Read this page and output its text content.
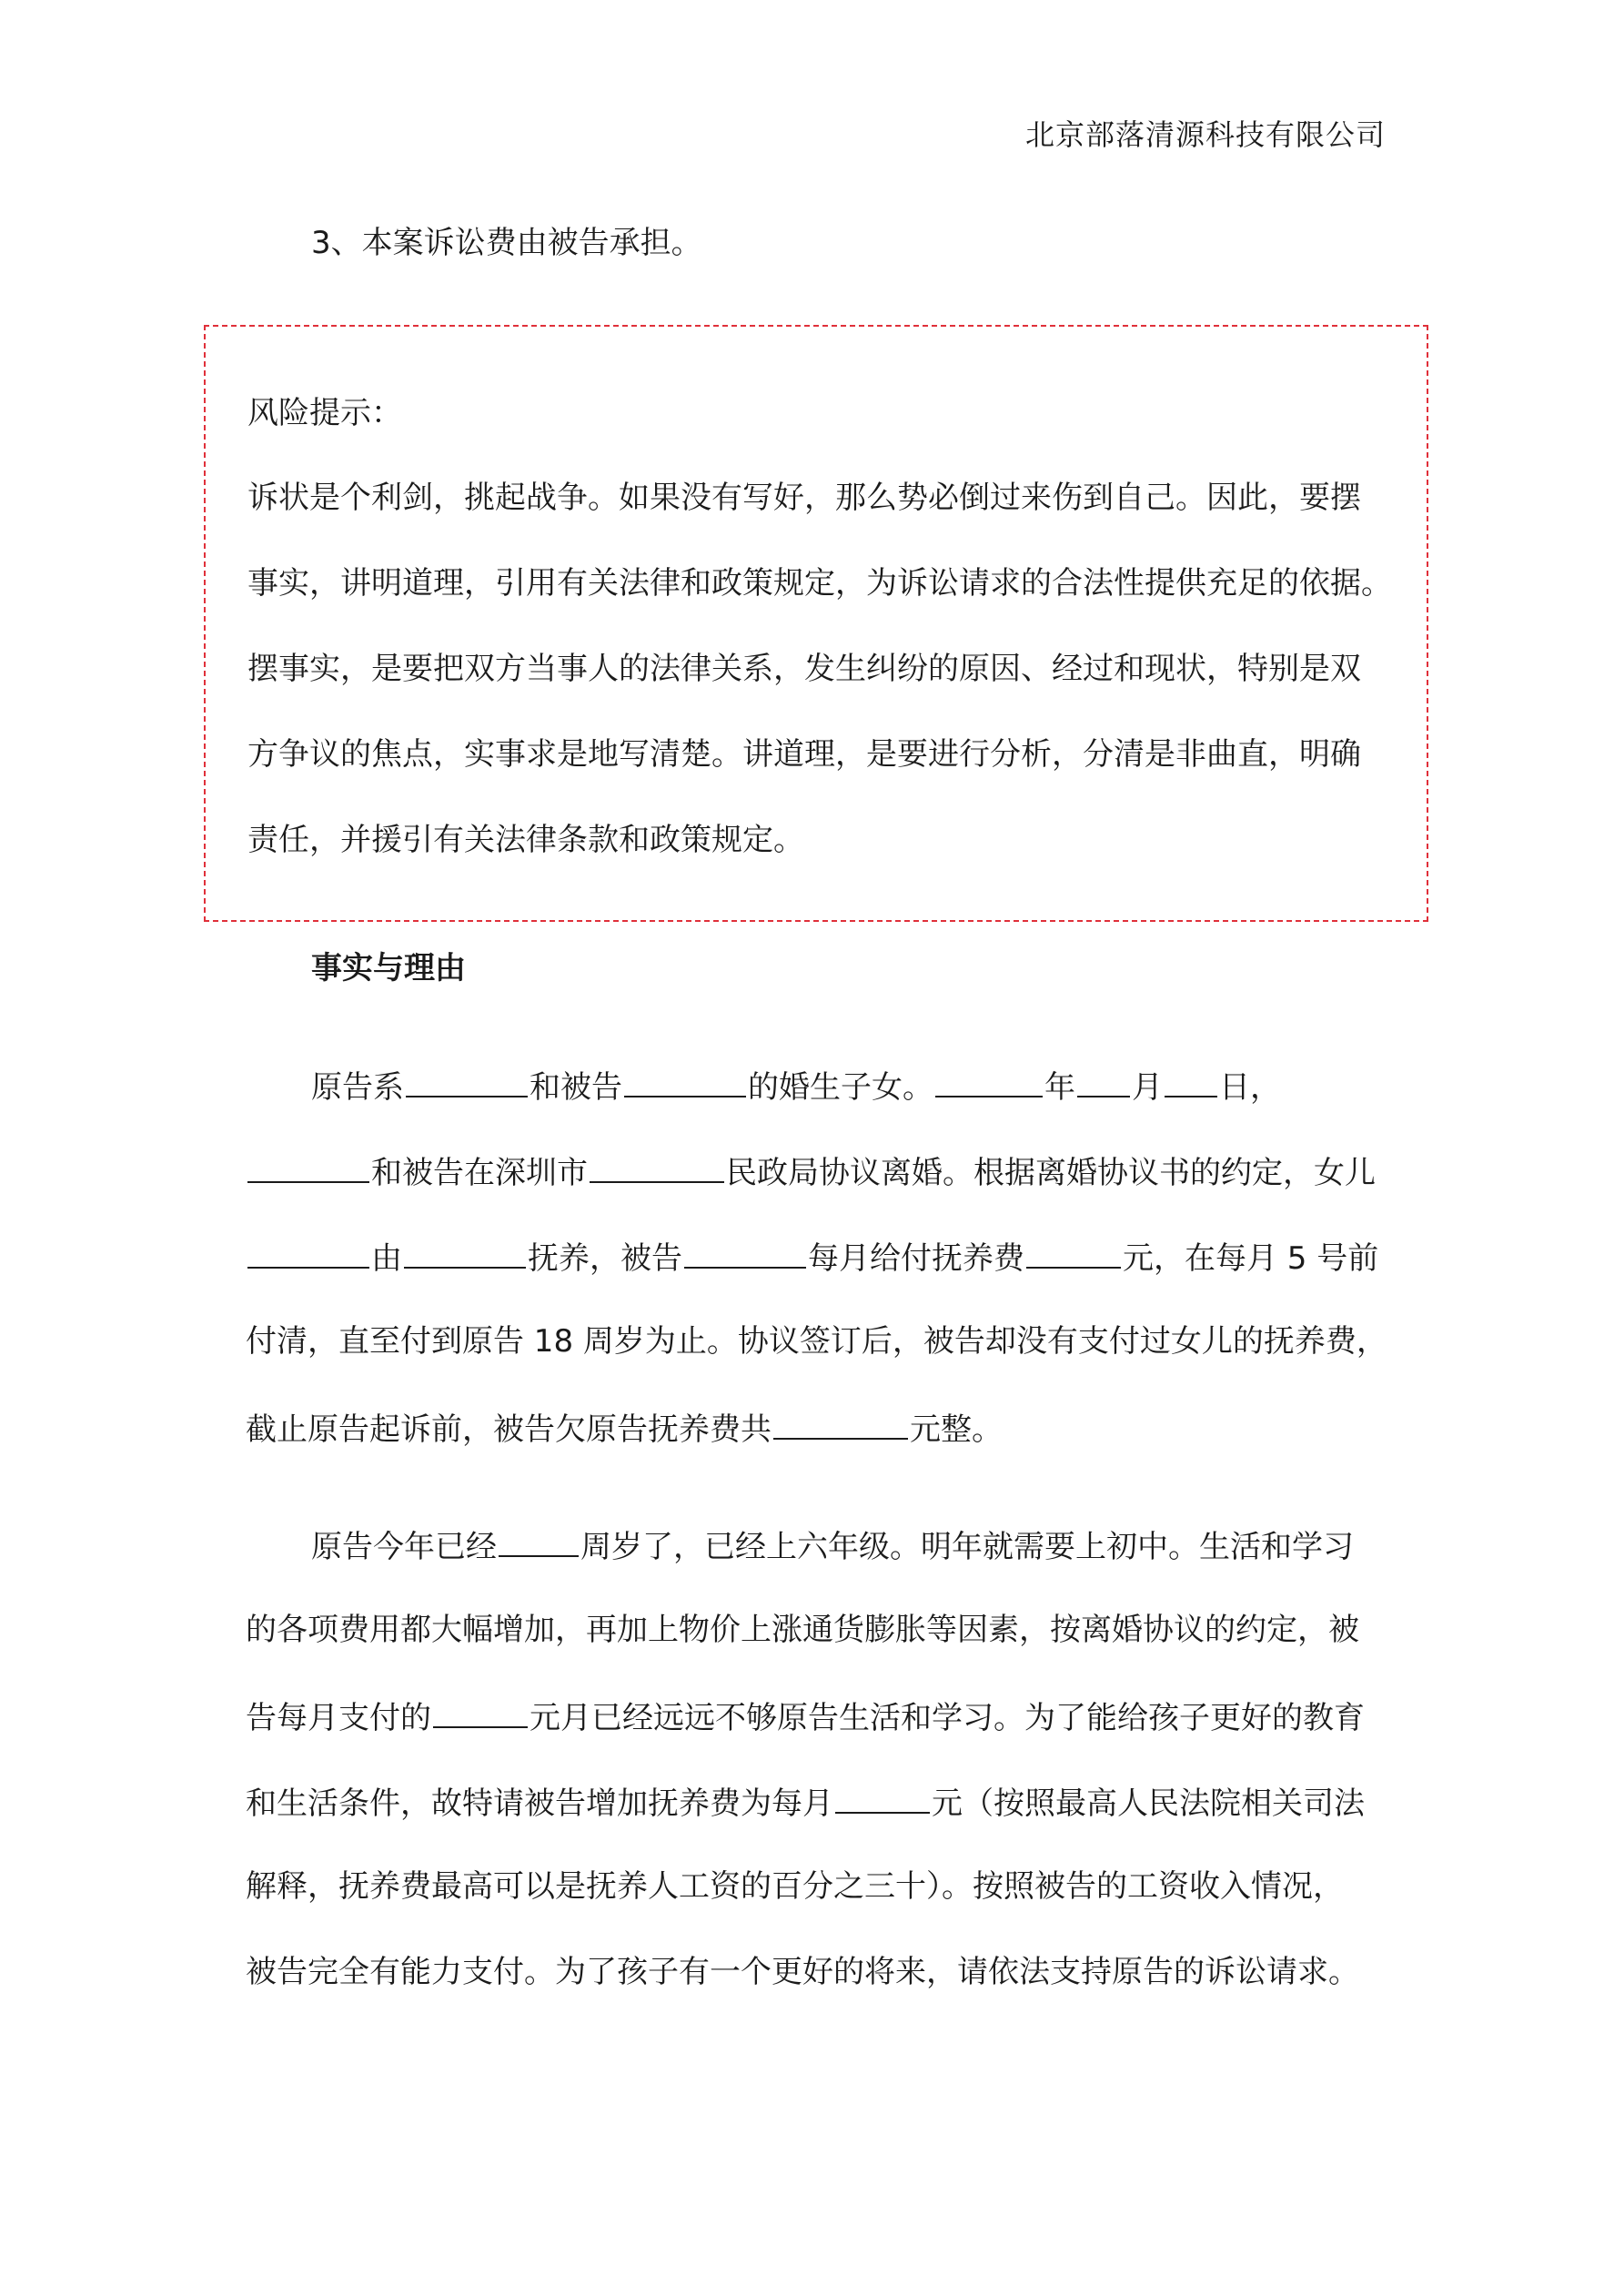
北京部落清源科技有限公司
3、本案诉讼费由被告承担。
风险提示：
诉状是个利剑，挑起战争。如果没有写好，那么势必倒过来伤到自己。因此，要摆
事实，讲明道理，引用有关法律和政策规定，为诉讼请求的合法性提供充足的依据。
摆事实，是要把双方当事人的法律关系，发生纠纷的原因、经过和现状，特别是双
方争议的焦点，实事求是地写清楚。讲道理，是要进行分析，分清是非曲直，明确
责任，并援引有关法律条款和政策规定。
事实与理由
原告系	和被告	的婚生子女。	年 月 日，
和被告在深圳市	民政局协议离婚。根据离婚协议书的约定，女儿
由	抚养，被告	每月给付抚养费	元，在每月 5 号前
付清，直至付到原告 18 周岁为止。协议签订后，被告却没有支付过女儿的抚养费，
截止原告起诉前，被告欠原告抚养费共	元整。
原告今年已经	周岁了，已经上六年级。明年就需要上初中。生活和学习
的各项费用都大幅增加，再加上物价上涨通货膨胀等因素，按离婚协议的约定，被
告每月支付的	元月已经远远不够原告生活和学习。为了能给孩子更好的教育
和生活条件，故特请被告增加抚养费为每月	元（按照最高人民法院相关司法
解释，抚养费最高可以是抚养人工资的百分之三十）。按照被告的工资收入情况，
被告完全有能力支付。为了孩子有一个更好的将来，请依法支持原告的诉讼请求。
